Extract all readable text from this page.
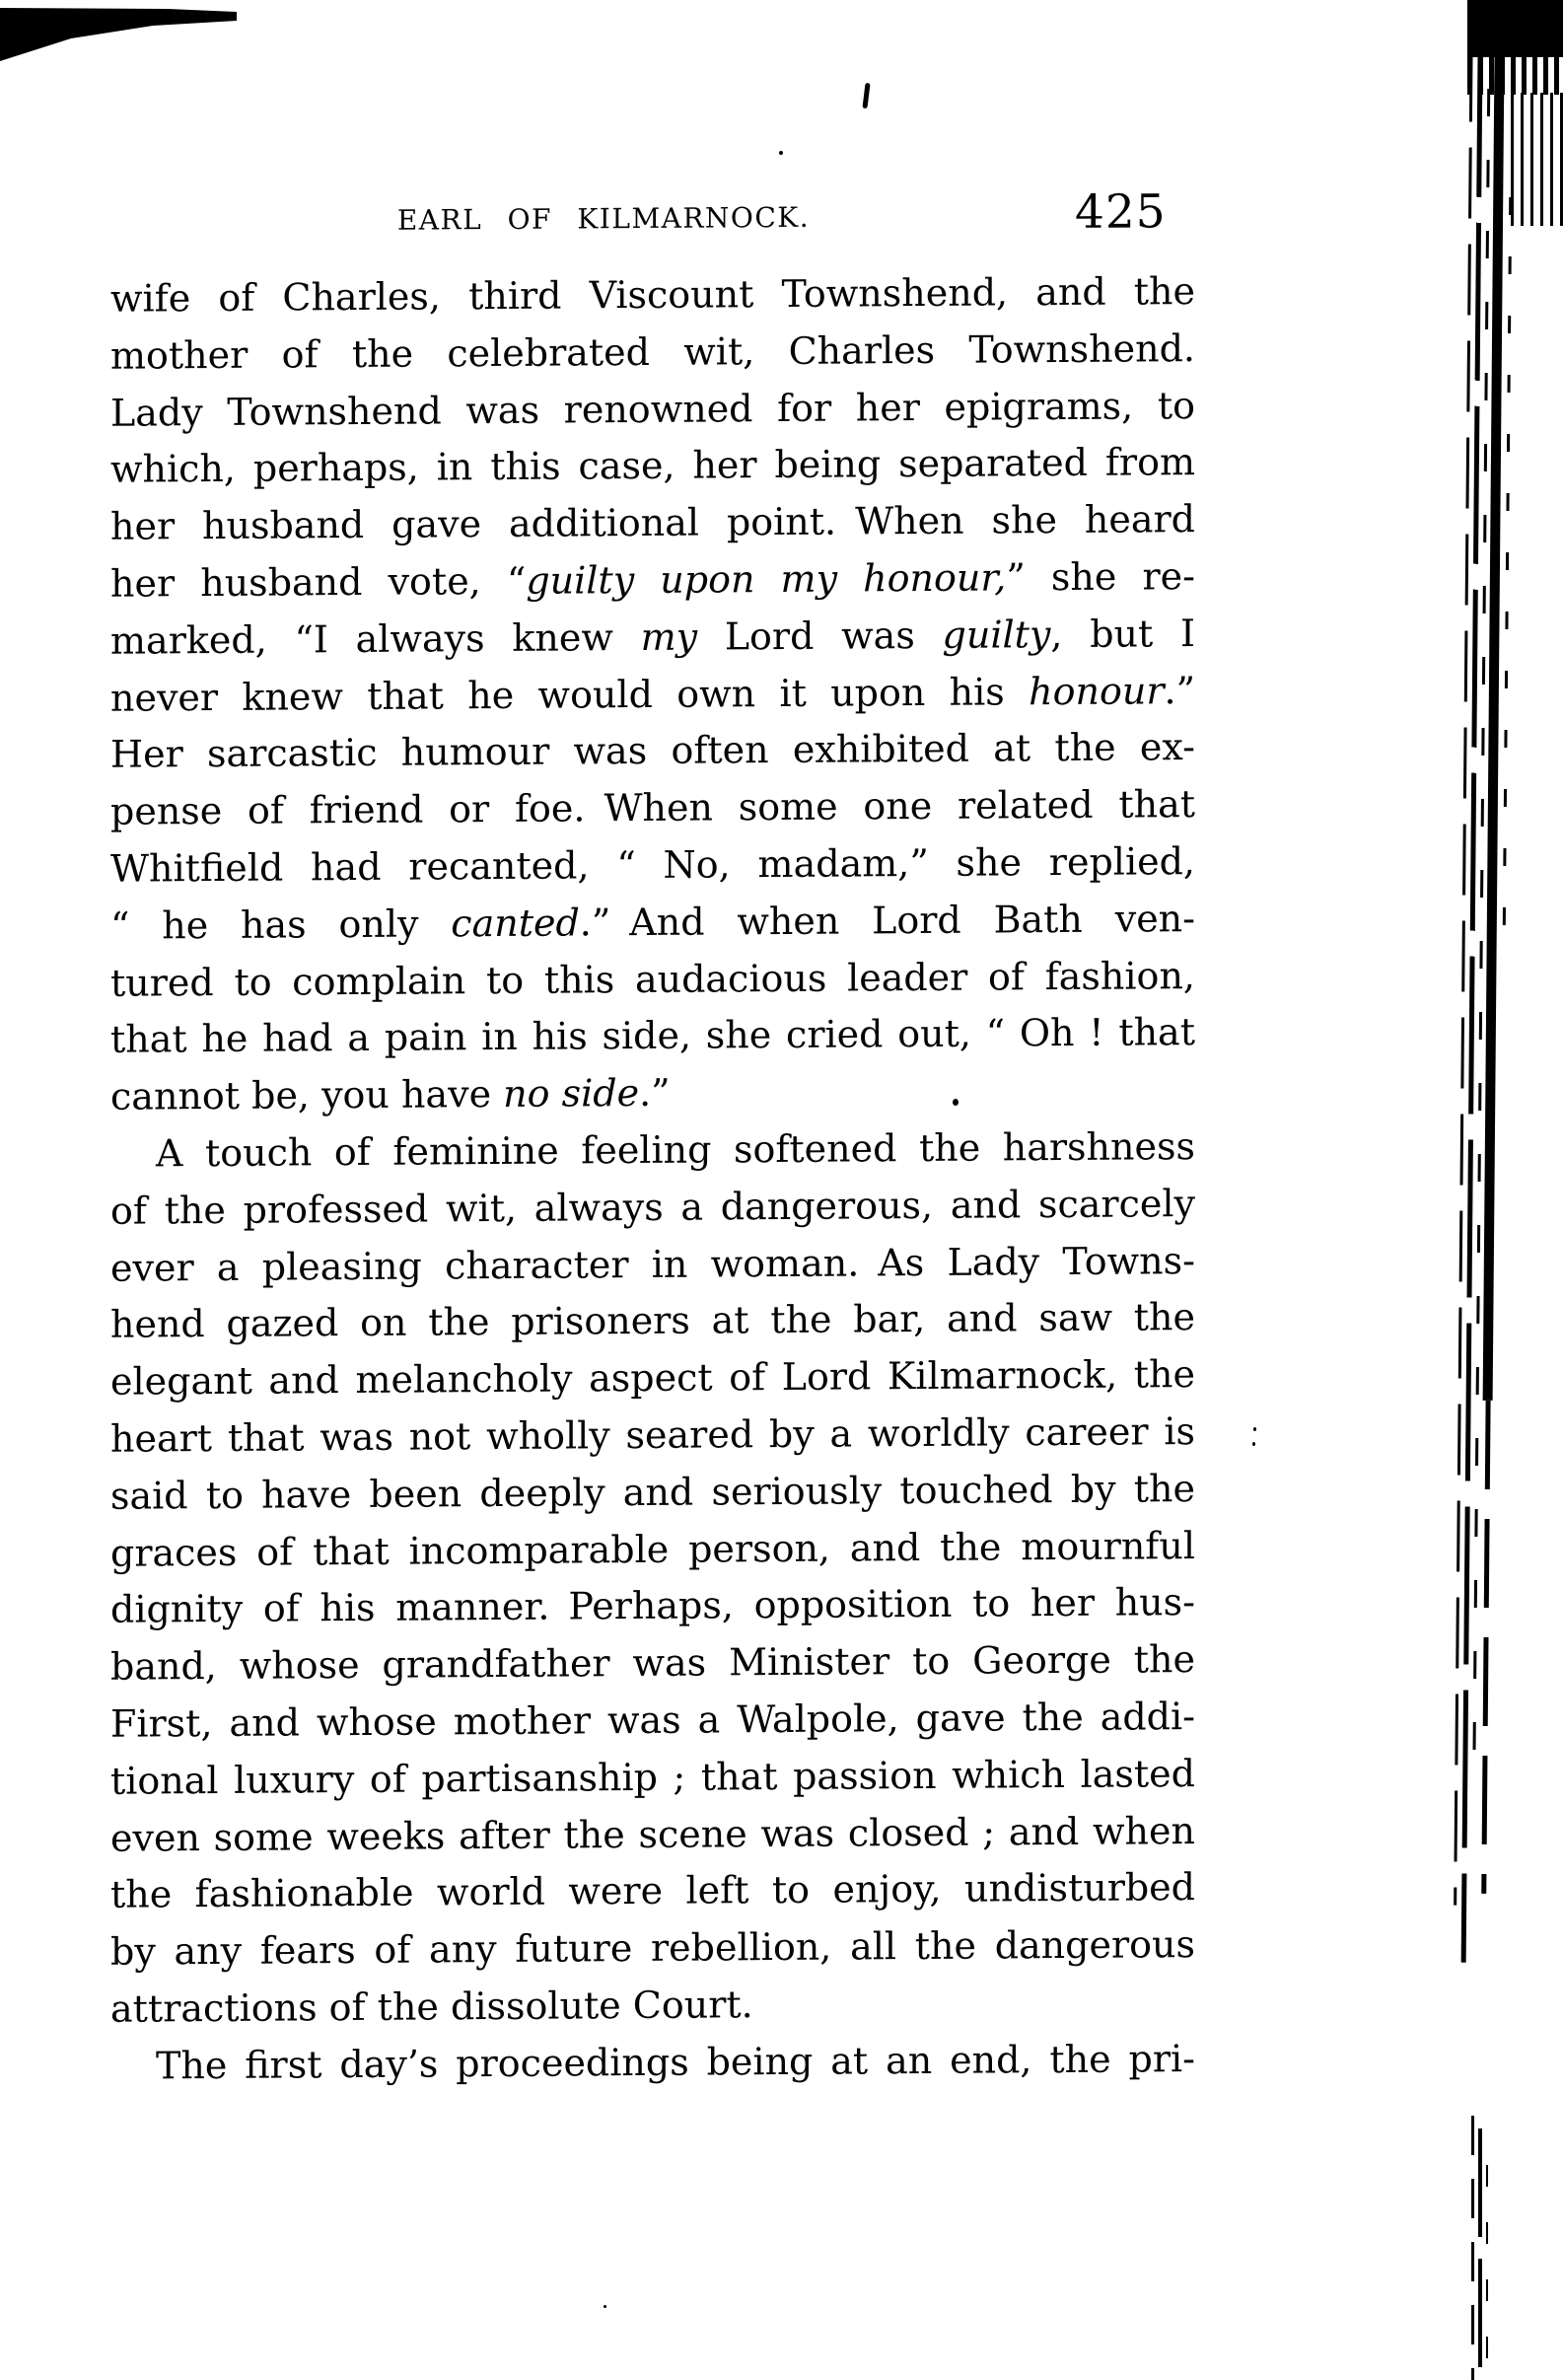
EARL OF KILMARNOCK.	425
wife of Charles, third Viscount Townshend, and the
mother of the celebrated wit, Charles Townshend.
Lady Townshend was renowned for her epigrams, to
which, perhaps, in this case, her being separated from
her husband gave additional point. When she heard
her husband vote, “guilty upon my honour,” she re-
marked, “I always knew my Lord was guilty, but I
never knew that he would own it upon his honour.”
Her sarcastic humour was often exhibited at the ex-
pense of friend or foe. When some one related that
Whitfield had recanted, “ No, madam,” she replied,
“ he has only canted.” And when Lord Bath ven-
tured to complain to this audacious leader of fashion,
that he had a pain in his side, she cried out, “ Oh ! that
cannot be, you have no side.”
A touch of feminine feeling softened the harshness
of the professed wit, always a dangerous, and scarcely
ever a pleasing character in woman. As Lady Towns-
hend gazed on the prisoners at the bar, and saw the
elegant and melancholy aspect of Lord Kilmarnock, the
heart that was not wholly seared by a worldly career is
said to have been deeply and seriously touched by the
graces of that incomparable person, and the mournful
dignity of his manner. Perhaps, opposition to her hus-
band, whose grandfather was Minister to George the
First, and whose mother was a Walpole, gave the addi-
tional luxury of partisanship ; that passion which lasted
even some weeks after the scene was closed ; and when
the fashionable world were left to enjoy, undisturbed
by any fears of any future rebellion, all the dangerous
attractions of the dissolute Court.
The first day’s proceedings being at an end, the pri-
